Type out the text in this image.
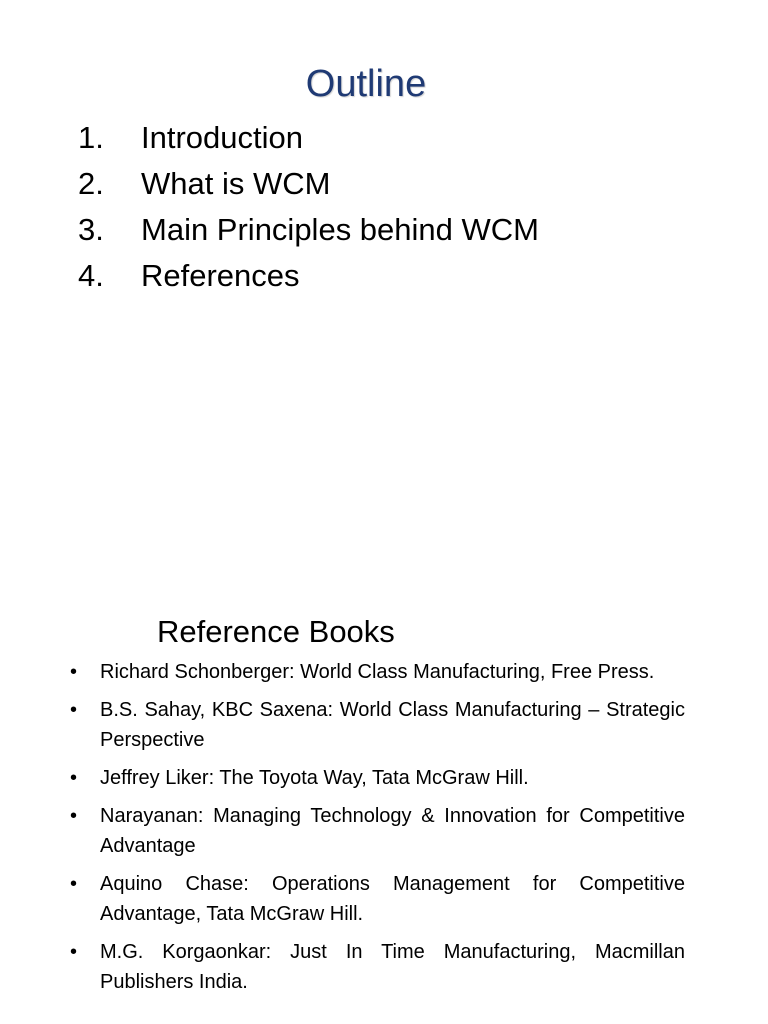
Outline
1. Introduction
2. What is WCM
3. Main Principles behind WCM
4. References
Reference Books
• Richard Schonberger: World Class Manufacturing, Free Press.
• B.S. Sahay, KBC Saxena: World Class Manufacturing – Strategic Perspective
• Jeffrey Liker: The Toyota Way, Tata McGraw Hill.
• Narayanan: Managing Technology & Innovation for Competitive Advantage
• Aquino Chase: Operations Management for Competitive Advantage, Tata McGraw Hill.
• M.G. Korgaonkar: Just In Time Manufacturing, Macmillan Publishers India.
